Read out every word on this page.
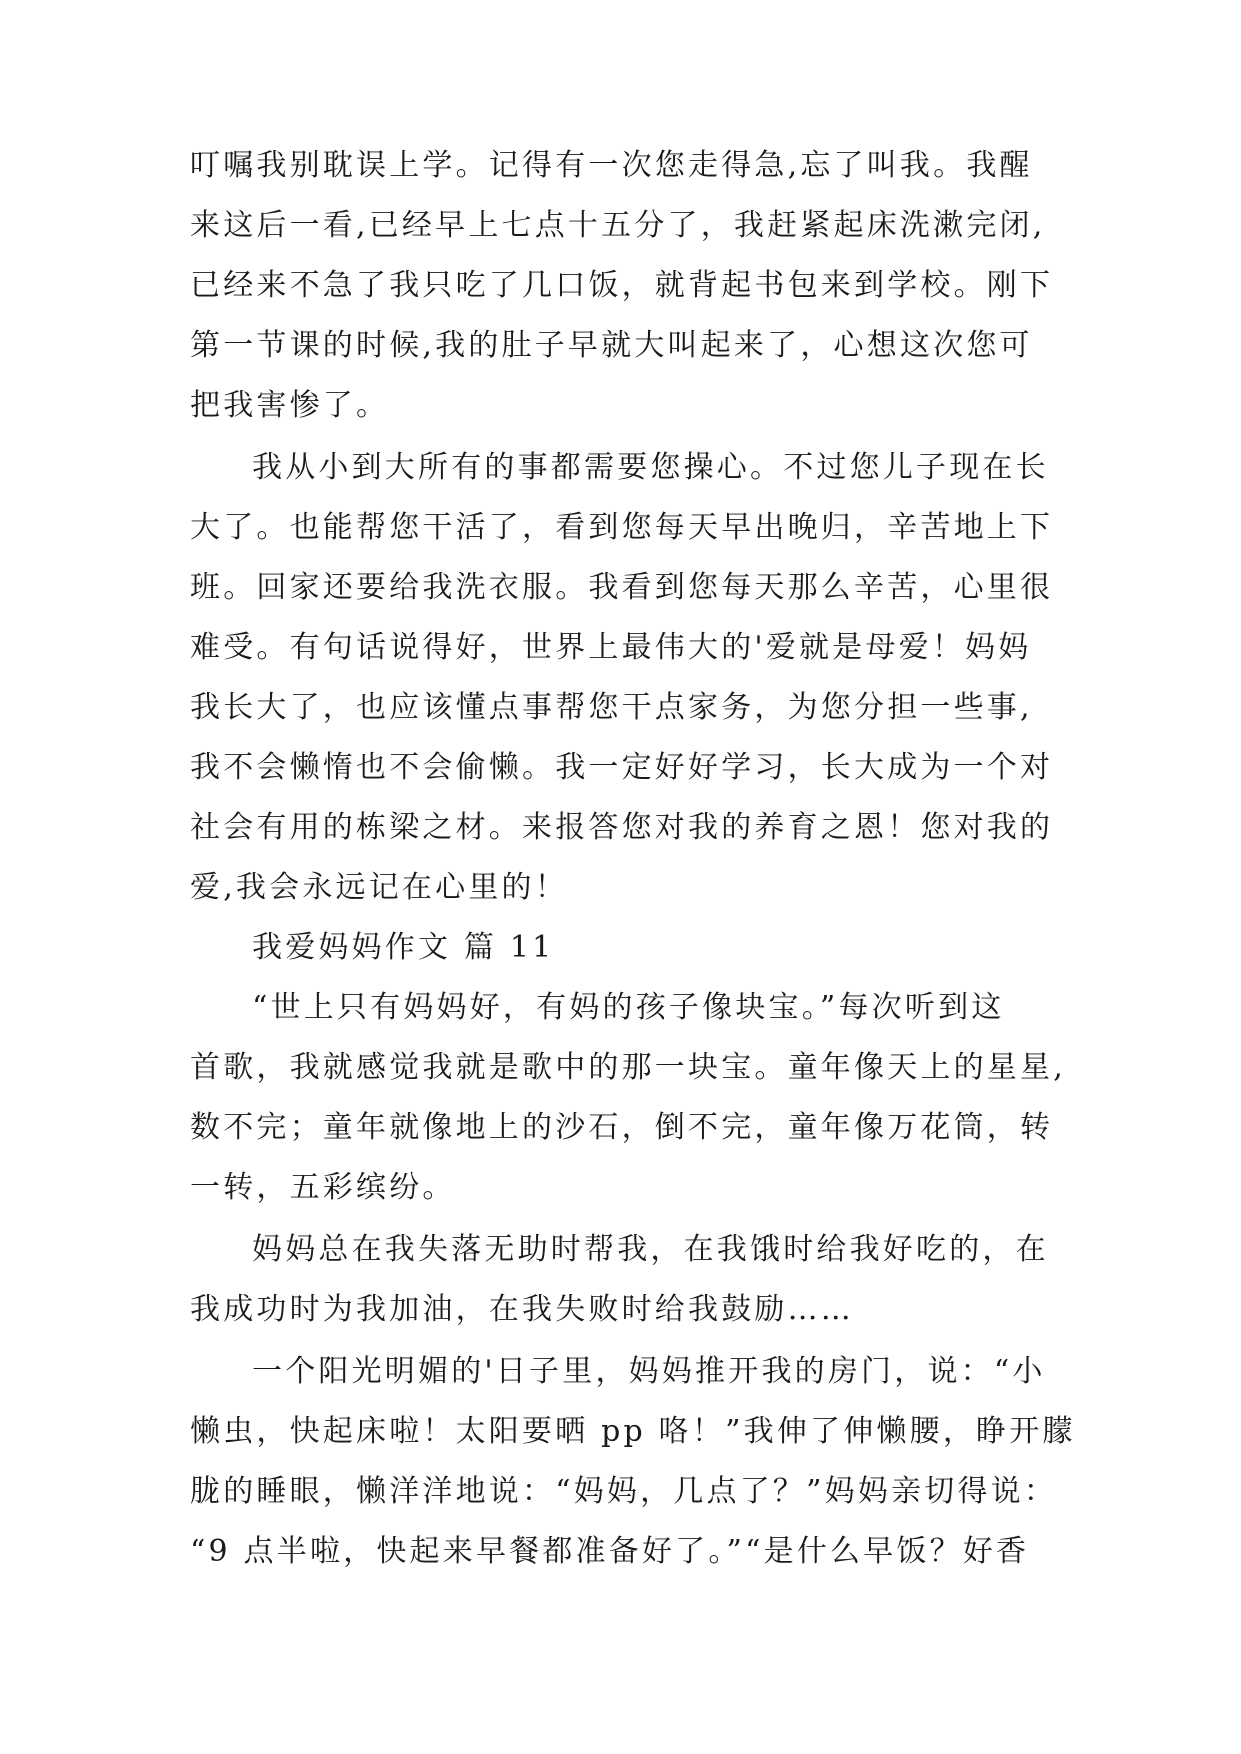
叮嘱我别耽误上学。记得有一次您走得急,忘了叫我。我醒
来这后一看,已经早上七点十五分了，我赶紧起床洗漱完闭,
已经来不急了我只吃了几口饭，就背起书包来到学校。刚下
第一节课的时候,我的肚子早就大叫起来了，心想这次您可
把我害惨了。
我从小到大所有的事都需要您操心。不过您儿子现在长
大了。也能帮您干活了，看到您每天早出晚归，辛苦地上下
班。回家还要给我洗衣服。我看到您每天那么辛苦，心里很
难受。有句话说得好，世界上最伟大的'爱就是母爱！妈妈
我长大了，也应该懂点事帮您干点家务，为您分担一些事,
我不会懒惰也不会偷懒。我一定好好学习，长大成为一个对
社会有用的栋梁之材。来报答您对我的养育之恩！您对我的
爱,我会永远记在心里的！
我爱妈妈作文 篇 11
“世上只有妈妈好，有妈的孩子像块宝。”每次听到这
首歌，我就感觉我就是歌中的那一块宝。童年像天上的星星,
数不完；童年就像地上的沙石，倒不完，童年像万花筒，转
一转，五彩缤纷。
妈妈总在我失落无助时帮我，在我饿时给我好吃的，在
我成功时为我加油，在我失败时给我鼓励……
一个阳光明媚的'日子里，妈妈推开我的房门，说：“小
懒虫，快起床啦！太阳要晒 pp 咯！”我伸了伸懒腰，睁开朦
胧的睡眼，懒洋洋地说：“妈妈，几点了？”妈妈亲切得说：
“9 点半啦，快起来早餐都准备好了。”“是什么早饭？好香
